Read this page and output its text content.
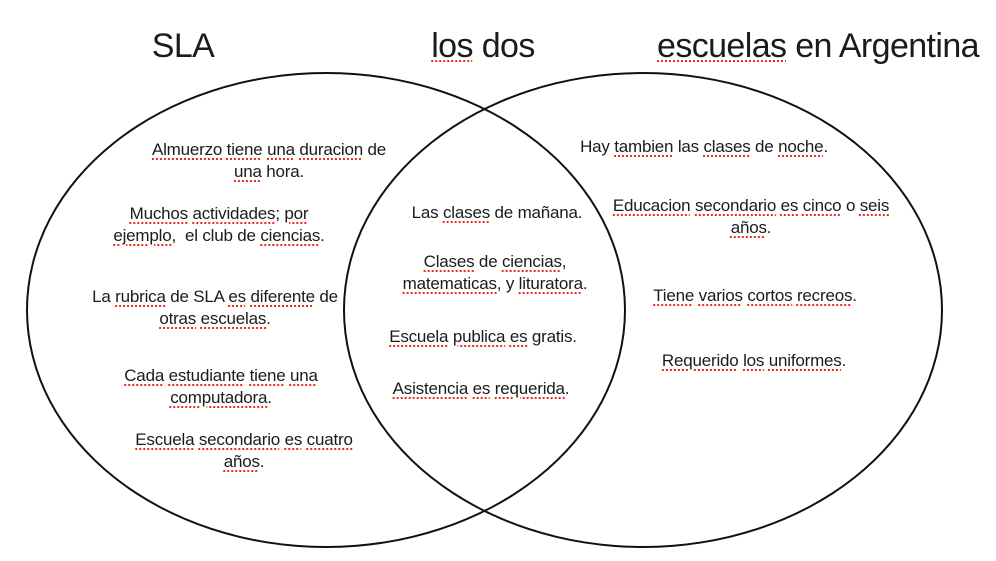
SLA	los dos	escuelas en Argentina
Almuerzo tiene una duracion de
una hora.
Muchos actividades; por
ejemplo,  el club de ciencias.
La rubrica de SLA es diferente de
otras escuelas.
Cada estudiante tiene una
computadora.
Escuela secondario es cuatro
años.
Las clases de mañana.
Clases de ciencias,
matematicas, y lituratora.
Escuela publica es gratis.
Asistencia es requerida.
Hay tambien las clases de noche.
Educacion secondario es cinco o seis
años.
Tiene varios cortos recreos.
Requerido los uniformes.
